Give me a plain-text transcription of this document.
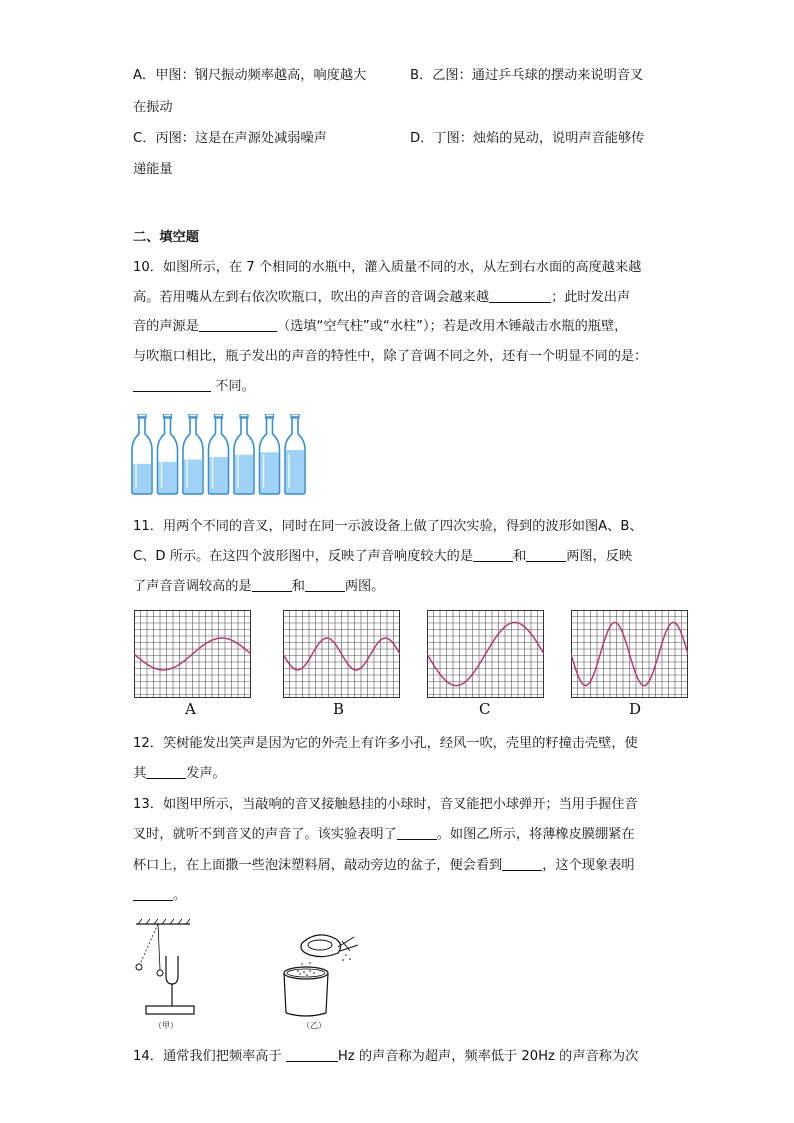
A．甲图：钢尺振动频率越高，响度越大	B．乙图：通过乒乓球的摆动来说明音叉
在振动
C．丙图：这是在声源处减弱噪声	D．丁图：烛焰的晃动，说明声音能够传
递能量
二、填空题
10．如图所示，在 7 个相同的水瓶中，灌入质量不同的水，从左到右水面的高度越来越
高。若用嘴从左到右依次吹瓶口，吹出的声音的音调会越来越	；此时发出声
音的声源是	（选填“空气柱”或“水柱”）；若是改用木锤敲击水瓶的瓶壁，
与吹瓶口相比，瓶子发出的声音的特性中，除了音调不同之外，还有一个明显不同的是：
不同。
11．用两个不同的音叉，同时在同一示波设备上做了四次实验，得到的波形如图A、B、
C、D 所示。在这四个波形图中，反映了声音响度较大的是	和	两图，反映
了声音音调较高的是	和	两图。
A	B	C	D
12．笑树能发出笑声是因为它的外壳上有许多小孔，经风一吹，壳里的籽撞击壳壁，使
其	发声。
13．如图甲所示，当敲响的音叉接触悬挂的小球时，音叉能把小球弹开；当用手握住音
叉时，就听不到音叉的声音了。该实验表明了	。如图乙所示，将薄橡皮膜绷紧在
杯口上，在上面撒一些泡沫塑料屑，敲动旁边的盆子，便会看到	，这个现象表明
。
（甲）	（乙）
14．通常我们把频率高于	Hz 的声音称为超声，频率低于 20Hz 的声音称为次
